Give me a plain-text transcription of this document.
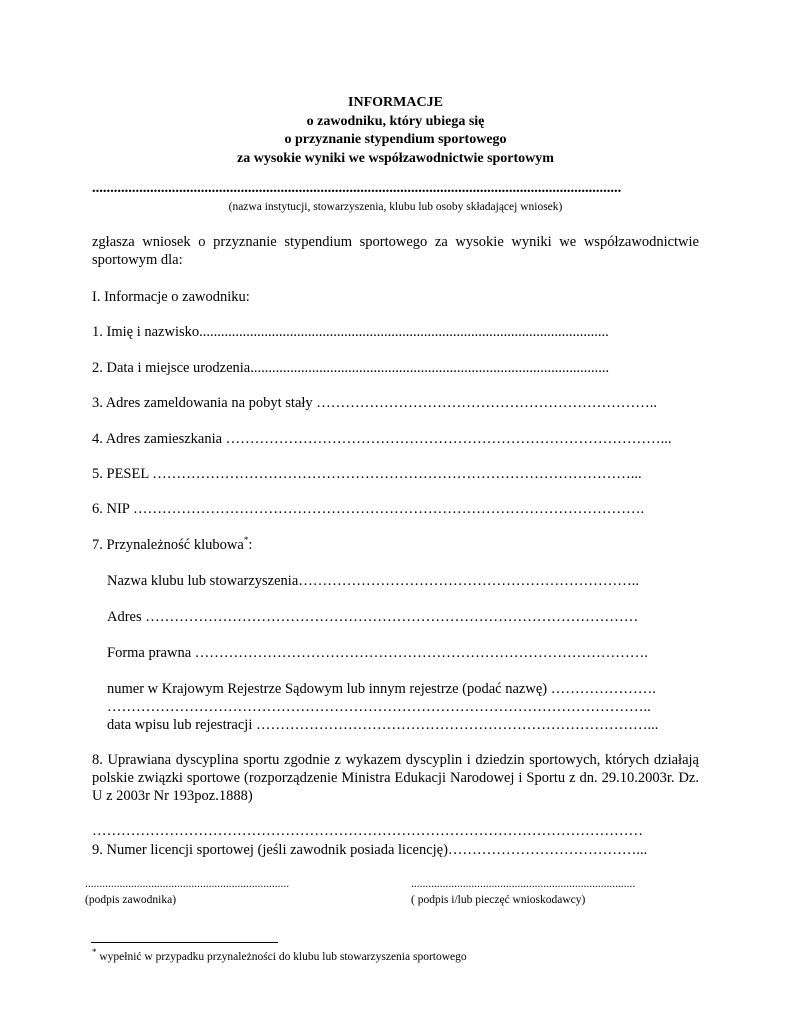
INFORMACJE
o zawodniku, który ubiega się
o przyznanie stypendium sportowego
za wysokie wyniki we współzawodnictwie sportowym
..................................................................................................................................................
(nazwa instytucji, stowarzyszenia, klubu lub osoby składającej wniosek)
zgłasza wniosek o przyznanie stypendium sportowego za wysokie wyniki we współzawodnictwie sportowym dla:
I. Informacje o zawodniku:
1. Imię i nazwisko.................................................................................................................
2. Data i miejsce urodzenia...................................................................................................
3. Adres zameldowania na pobyt stały ……………………………………………………………..
4. Adres zamieszkania ………………………………………………………………………………...
5. PESEL ………………………………………………………………………………………...
6. NIP …………………………………………………………………………………………….
7. Przynależność klubowa*:
Nazwa klubu lub stowarzyszenia……………………………………………………………..
Adres …………………………………………………………………………………………
Forma prawna ………………………………………………………………………………….
numer w Krajowym Rejestrze Sądowym lub innym rejestrze (podać nazwę) ………………….
…………………………………………………………………………………………………..
data wpisu lub rejestracji ………………………………………………………………………...
8. Uprawiana dyscyplina sportu zgodnie z wykazem dyscyplin i dziedzin sportowych, których działają polskie związki sportowe (rozporządzenie Ministra Edukacji Narodowej i Sportu z dn. 29.10.2003r. Dz. U z 2003r Nr 193poz.1888)
……………………………………………………………………………………………………
9. Numer licencji sportowej (jeśli zawodnik posiada licencję)…………………………………...
.......................................................................
(podpis zawodnika)
..............................................................................
( podpis i/lub pieczęć wnioskodawcy)
* wypełnić w przypadku przynależności do klubu lub stowarzyszenia sportowego
